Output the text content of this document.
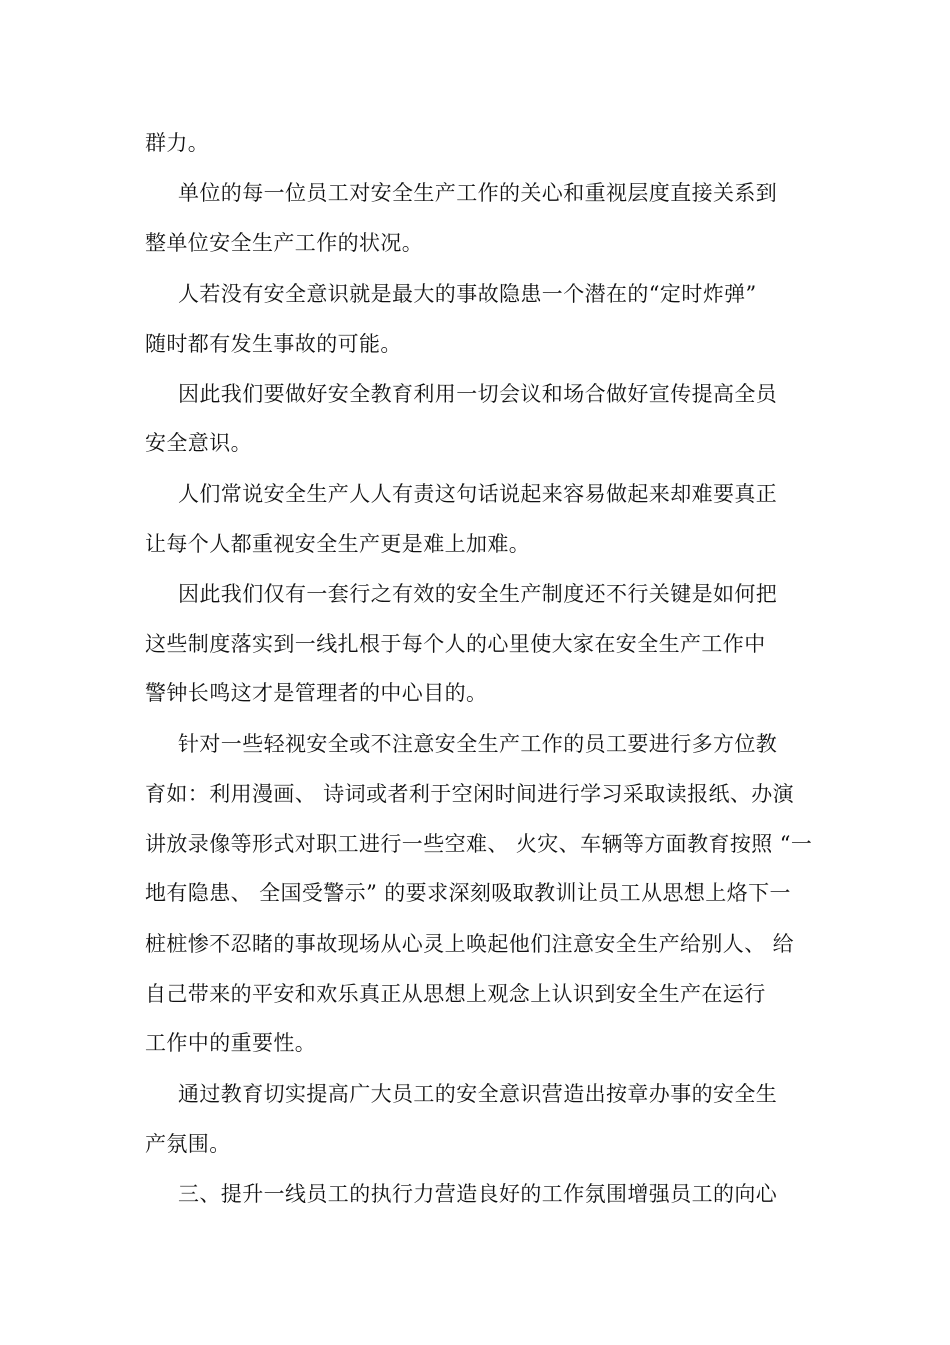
群力。
单位的每一位员工对安全生产工作的关心和重视层度直接关系到
整单位安全生产工作的状况。
人若没有安全意识就是最大的事故隐患一个潜在的“定时炸弹”
随时都有发生事故的可能。
因此我们要做好安全教育利用一切会议和场合做好宣传提高全员
安全意识。
人们常说安全生产人人有责这句话说起来容易做起来却难要真正
让每个人都重视安全生产更是难上加难。
因此我们仅有一套行之有效的安全生产制度还不行关键是如何把
这些制度落实到一线扎根于每个人的心里使大家在安全生产工作中
警钟长鸣这才是管理者的中心目的。
针对一些轻视安全或不注意安全生产工作的员工要进行多方位教
育如：利用漫画、 诗词或者利于空闲时间进行学习采取读报纸、办演
讲放录像等形式对职工进行一些空难、 火灾、车辆等方面教育按照 “一
地有隐患、 全国受警示” 的要求深刻吸取教训让员工从思想上烙下一
桩桩惨不忍睹的事故现场从心灵上唤起他们注意安全生产给别人、 给
自己带来的平安和欢乐真正从思想上观念上认识到安全生产在运行
工作中的重要性。
通过教育切实提高广大员工的安全意识营造出按章办事的安全生
产氛围。
三、提升一线员工的执行力营造良好的工作氛围增强员工的向心
